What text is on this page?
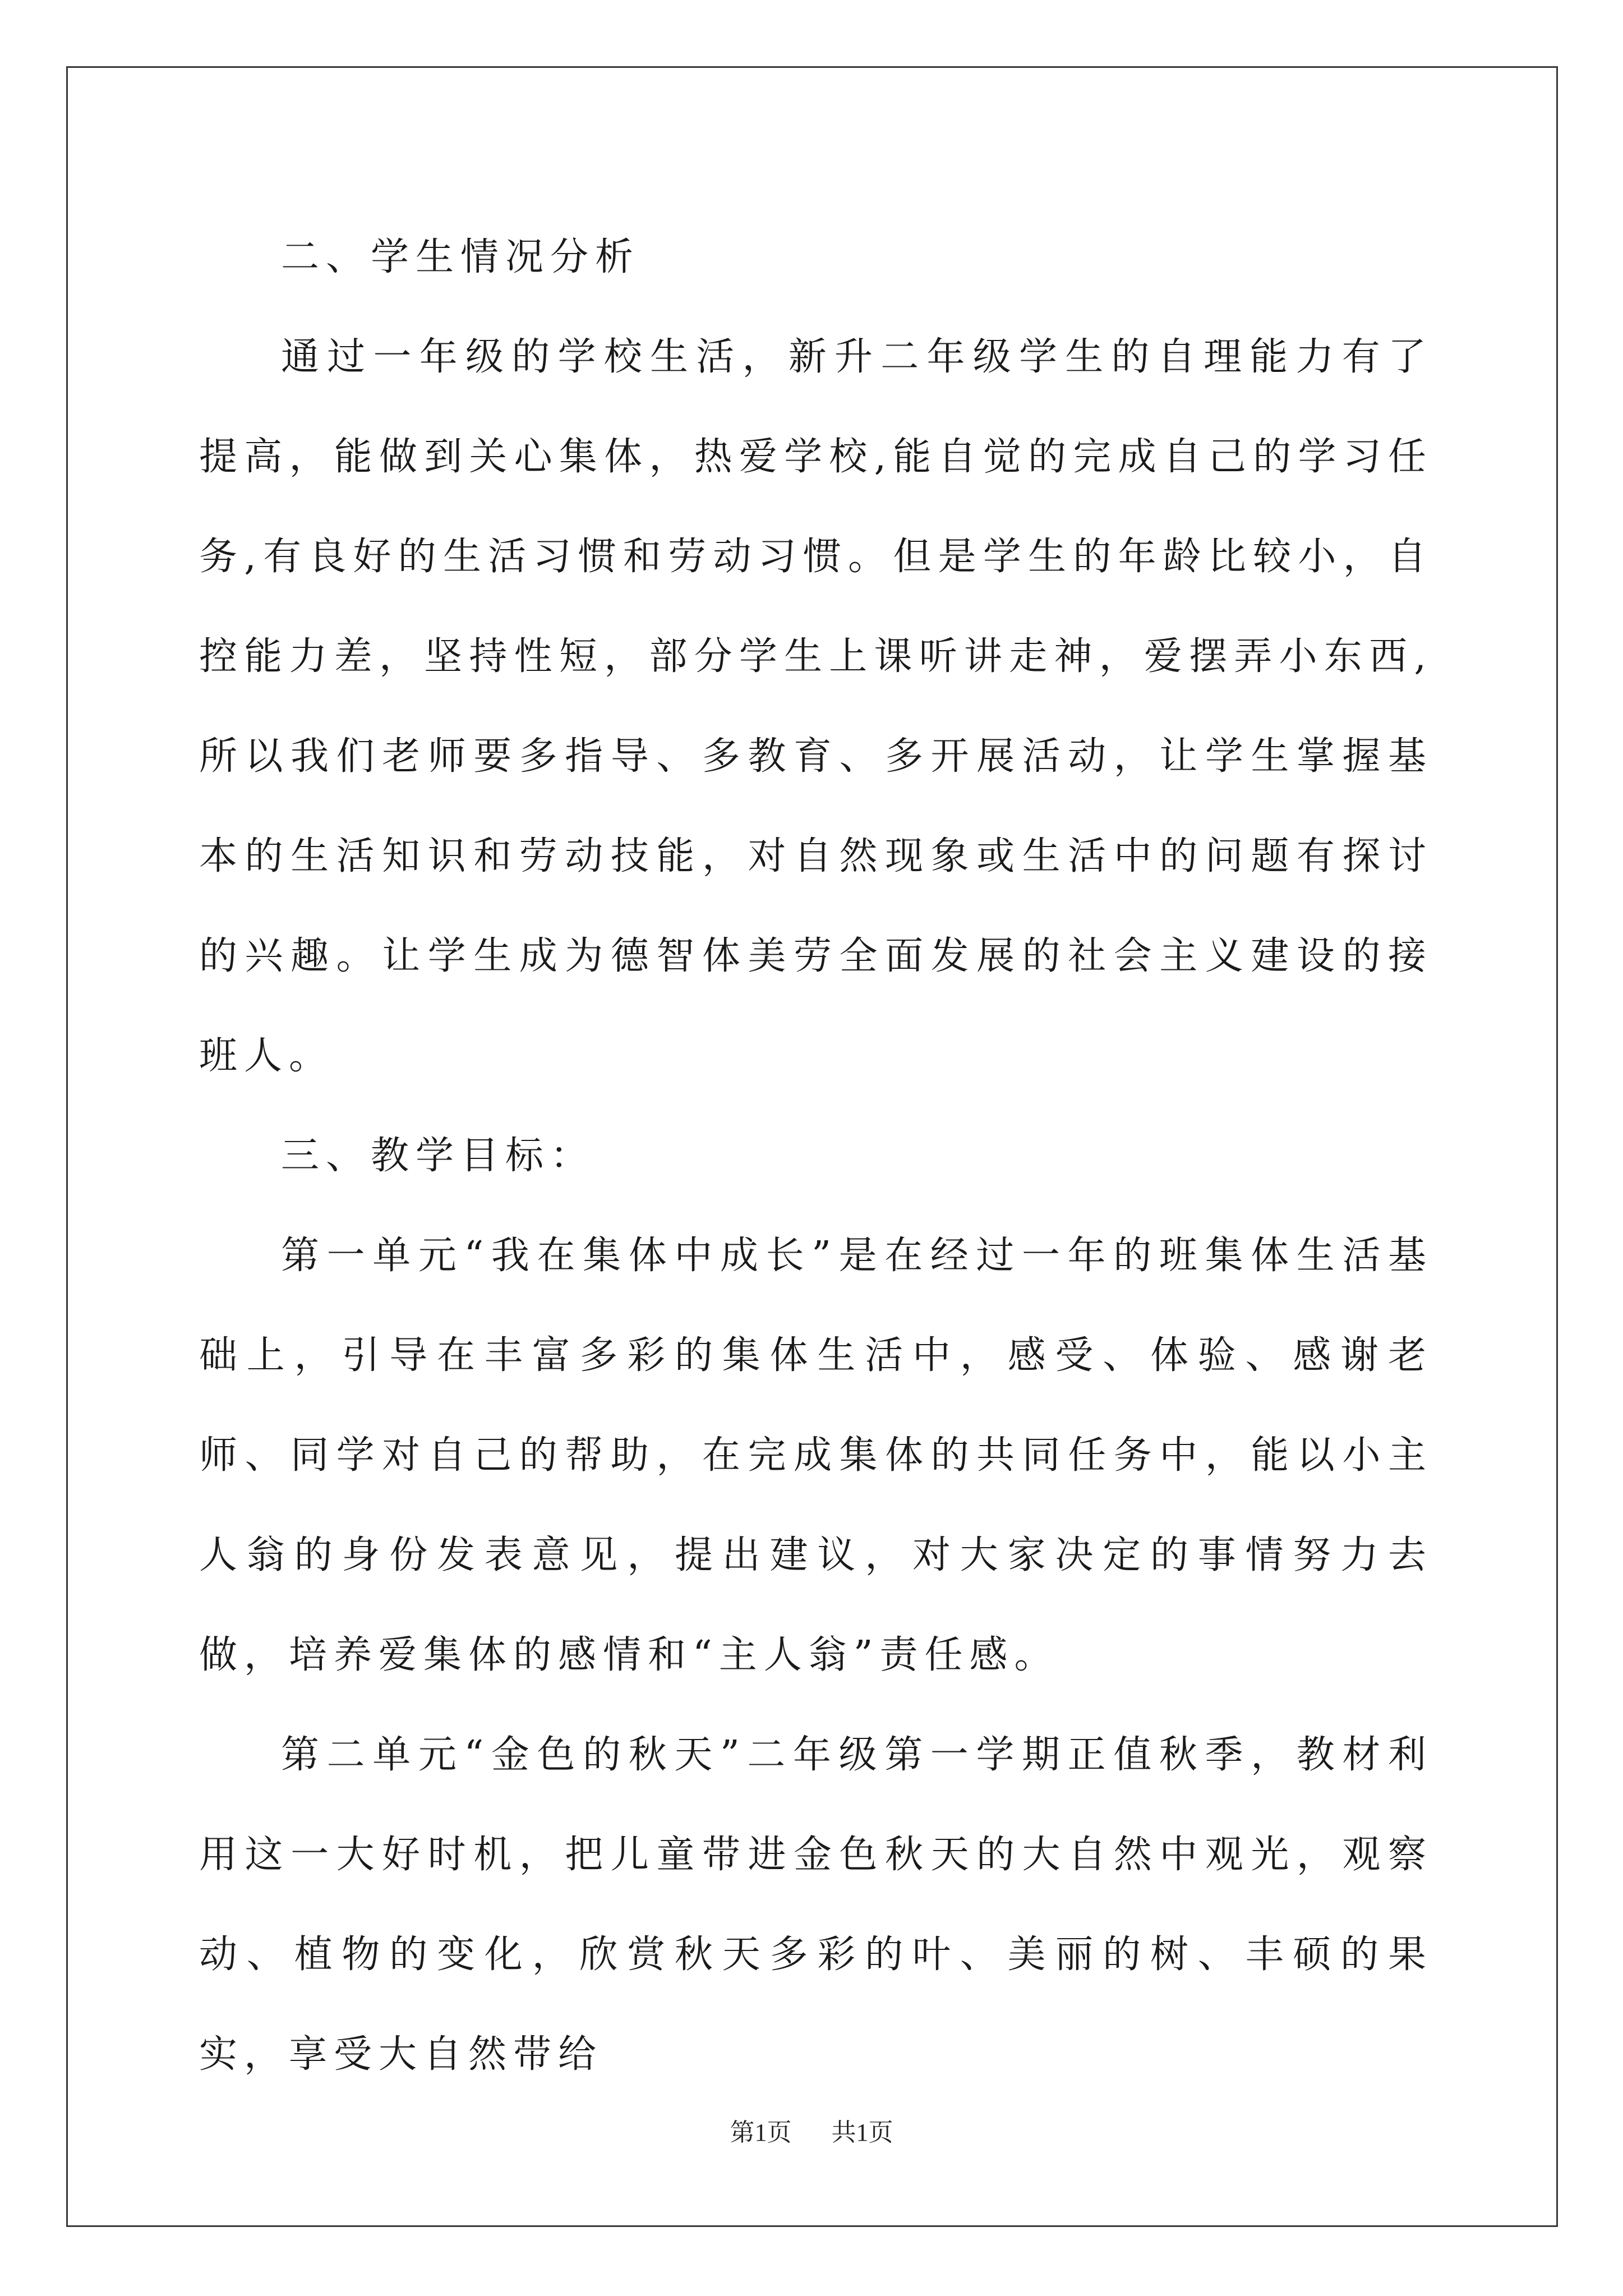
二、学生情况分析

通过一年级的学校生活，新升二年级学生的自理能力有了提高，能做到关心集体，热爱学校,能自觉的完成自己的学习任务,有良好的生活习惯和劳动习惯。但是学生的年龄比较小，自控能力差，坚持性短，部分学生上课听讲走神，爱摆弄小东西,所以我们老师要多指导、多教育、多开展活动，让学生掌握基本的生活知识和劳动技能，对自然现象或生活中的问题有探讨的兴趣。让学生成为德智体美劳全面发展的社会主义建设的接班人。

三、教学目标：

第一单元“我在集体中成长”是在经过一年的班集体生活基础上，引导在丰富多彩的集体生活中，感受、体验、感谢老师、同学对自己的帮助，在完成集体的共同任务中，能以小主人翁的身份发表意见，提出建议，对大家决定的事情努力去做，培养爱集体的感情和“主人翁”责任感。

第二单元“金色的秋天”二年级第一学期正值秋季，教材利用这一大好时机，把儿童带进金色秋天的大自然中观光，观察动、植物的变化，欣赏秋天多彩的叶、美丽的树、丰硕的果实，享受大自然带给

第1页 共1页
